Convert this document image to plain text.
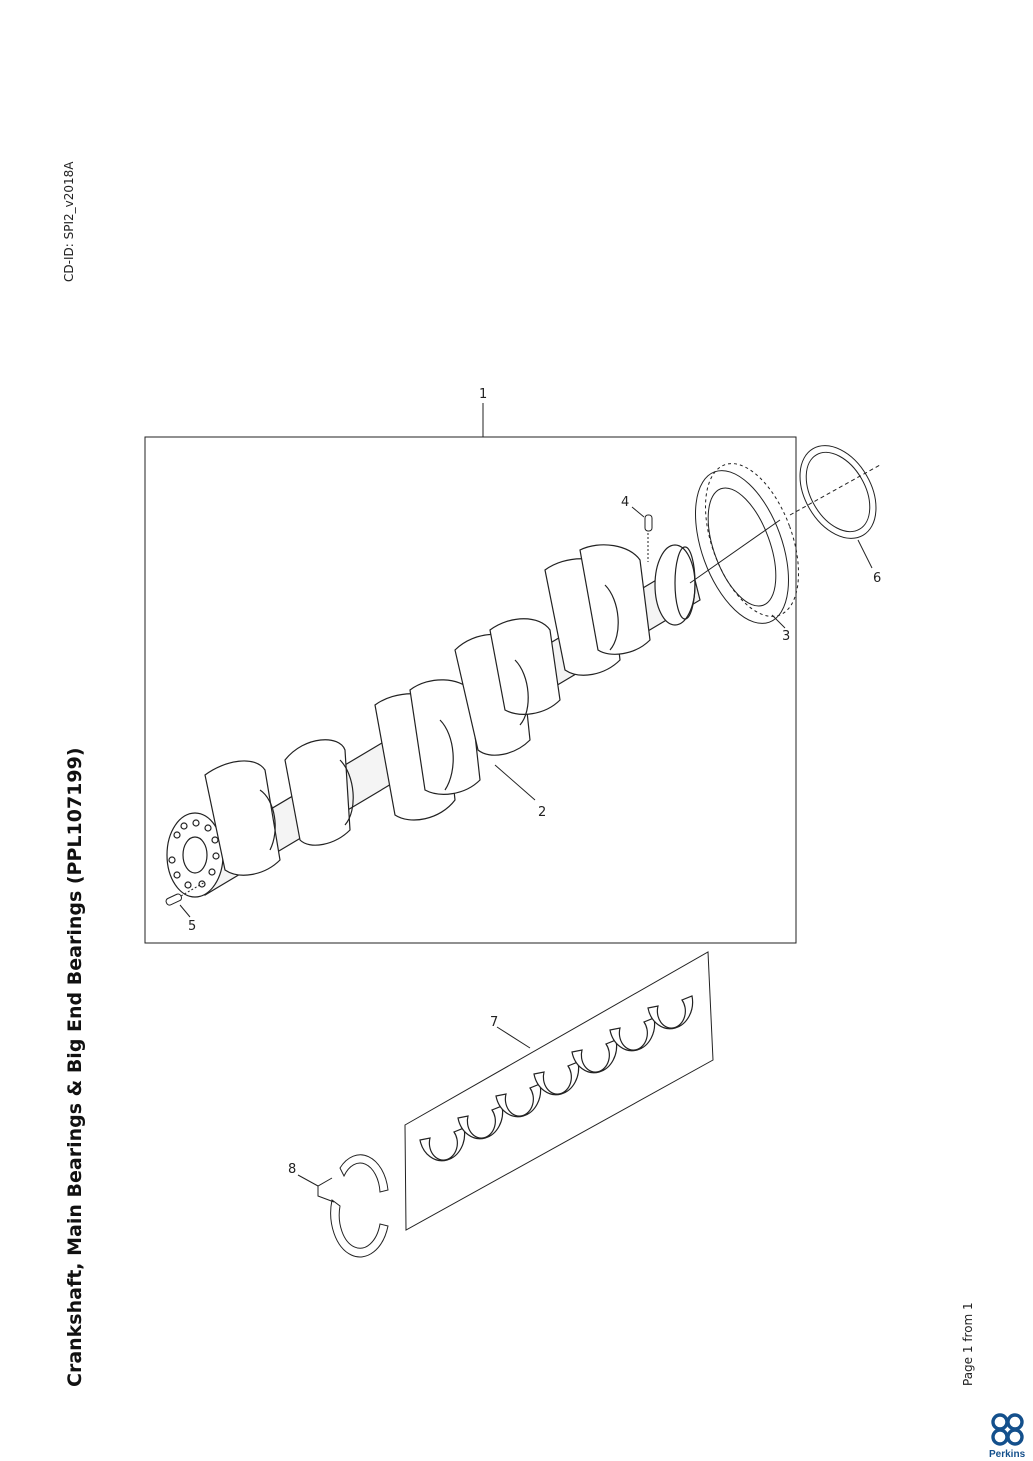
Crankshaft, Main Bearings & Big End Bearings (PPL107199)
CD-ID: SPI2_v2018A
Page 1 from 1
1
2
3
4
5
6
7
8
Perkins
